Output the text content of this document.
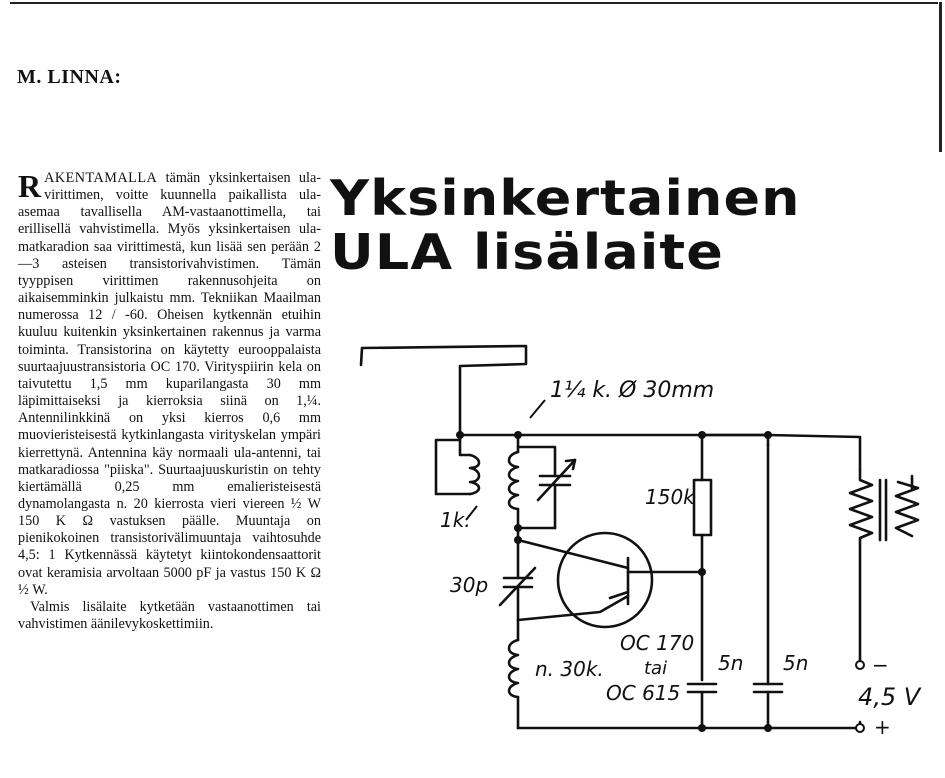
M. LINNA:
Yksinkertainen
ULA lisälaite

RAKENTAMALLA tämän yksinkertaisen ula-virittimen, voitte kuunnella paikallista ula-asemaa tavallisella AM-vastaanottimella, tai erillisellä vahvistimella. Myös yksinkertaisen ula-matkaradion saa virittimestä, kun lisää sen perään 2—3 asteisen transistorivahvistimen. Tämän tyyppisen virittimen rakennusohjeita on aikaisemminkin julkaistu mm. Tekniikan Maailman numerossa 12 / -60. Oheisen kytkennän etuihin kuuluu kuitenkin yksinkertainen rakennus ja varma toiminta. Transistorina on käytetty eurooppalaista suurtaajuustransistoria OC 170. Virityspiirin kela on taivutettu 1,5 mm kuparilangasta 30 mm läpimittaiseksi ja kierroksia siinä on 1,¼. Antennilinkkinä on yksi kierros 0,6 mm muovieristeisestä kytkinlangasta virityskelan ympäri kierrettynä. Antennina käy normaali ula-antenni, tai matkaradiossa "piiska". Suurtaajuuskuristin on tehty kiertämällä 0,25 mm emalieristeisestä dynamolangasta n. 20 kierrosta vieri viereen ½ W 150 K Ω vastuksen päälle. Muuntaja on pienikokoinen transistorivälimuuntaja vaihtosuhde 4,5: 1 Kytkennässä käytetyt kiintokondensaattorit ovat keramisia arvoltaan 5000 pF ja vastus 150 K Ω ½ W.

Valmis lisälaite kytketään vastaanottimen tai vahvistimen äänilevykoskettimiin.

1¼ k. Ø 30mm
1k.
150k
30p
n. 30k.
OC 170
tai
OC 615
5n 5n	−
4,5 V
+
